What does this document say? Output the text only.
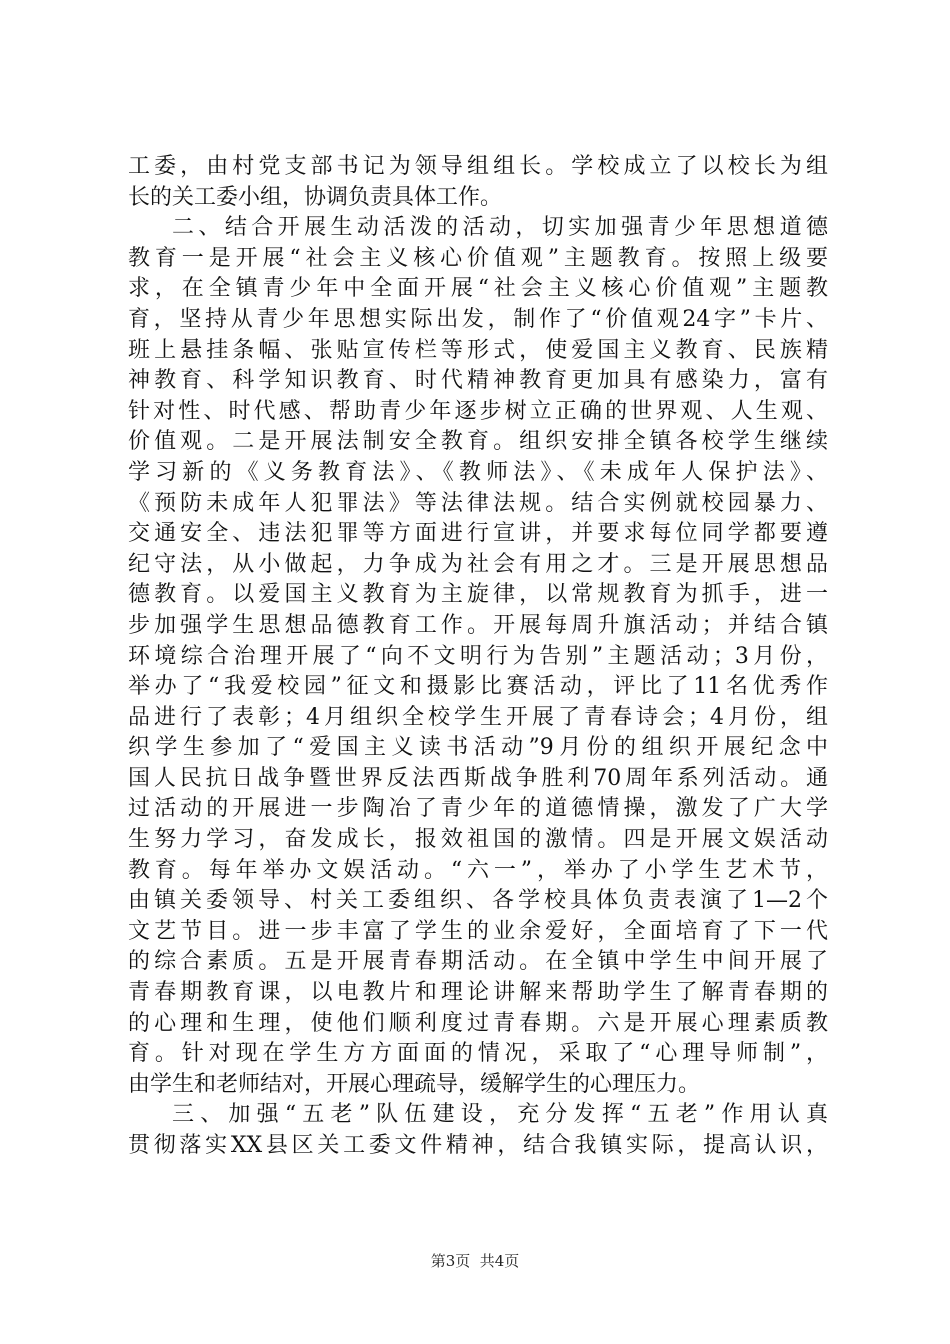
工委，由村党支部书记为领导组组长。学校成立了以校长为组
长的关工委小组，协调负责具体工作。
二、结合开展生动活泼的活动，切实加强青少年思想道德
教育一是开展“社会主义核心价值观”主题教育。按照上级要
求，在全镇青少年中全面开展“社会主义核心价值观”主题教
育，坚持从青少年思想实际出发，制作了“价值观24字”卡片、
班上悬挂条幅、张贴宣传栏等形式，使爱国主义教育、民族精
神教育、科学知识教育、时代精神教育更加具有感染力，富有
针对性、时代感、帮助青少年逐步树立正确的世界观、人生观、
价值观。二是开展法制安全教育。组织安排全镇各校学生继续
学习新的《义务教育法》、《教师法》、《未成年人保护法》、
《预防未成年人犯罪法》等法律法规。结合实例就校园暴力、
交通安全、违法犯罪等方面进行宣讲，并要求每位同学都要遵
纪守法，从小做起，力争成为社会有用之才。三是开展思想品
德教育。以爱国主义教育为主旋律，以常规教育为抓手，进一
步加强学生思想品德教育工作。开展每周升旗活动；并结合镇
环境综合治理开展了“向不文明行为告别”主题活动；3月份，
举办了“我爱校园”征文和摄影比赛活动，评比了11名优秀作
品进行了表彰；4月组织全校学生开展了青春诗会；4月份，组
织学生参加了“爱国主义读书活动”9月份的组织开展纪念中
国人民抗日战争暨世界反法西斯战争胜利70周年系列活动。通
过活动的开展进一步陶冶了青少年的道德情操，激发了广大学
生努力学习，奋发成长，报效祖国的激情。四是开展文娱活动
教育。每年举办文娱活动。“六一”，举办了小学生艺术节，
由镇关委领导、村关工委组织、各学校具体负责表演了1—2个
文艺节目。进一步丰富了学生的业余爱好，全面培育了下一代
的综合素质。五是开展青春期活动。在全镇中学生中间开展了
青春期教育课，以电教片和理论讲解来帮助学生了解青春期的
的心理和生理，使他们顺利度过青春期。六是开展心理素质教
育。针对现在学生方方面面的情况，采取了“心理导师制”，
由学生和老师结对，开展心理疏导，缓解学生的心理压力。
三、加强“五老”队伍建设，充分发挥“五老”作用认真
贯彻落实XX县区关工委文件精神，结合我镇实际，提高认识，
第3页  共4页
